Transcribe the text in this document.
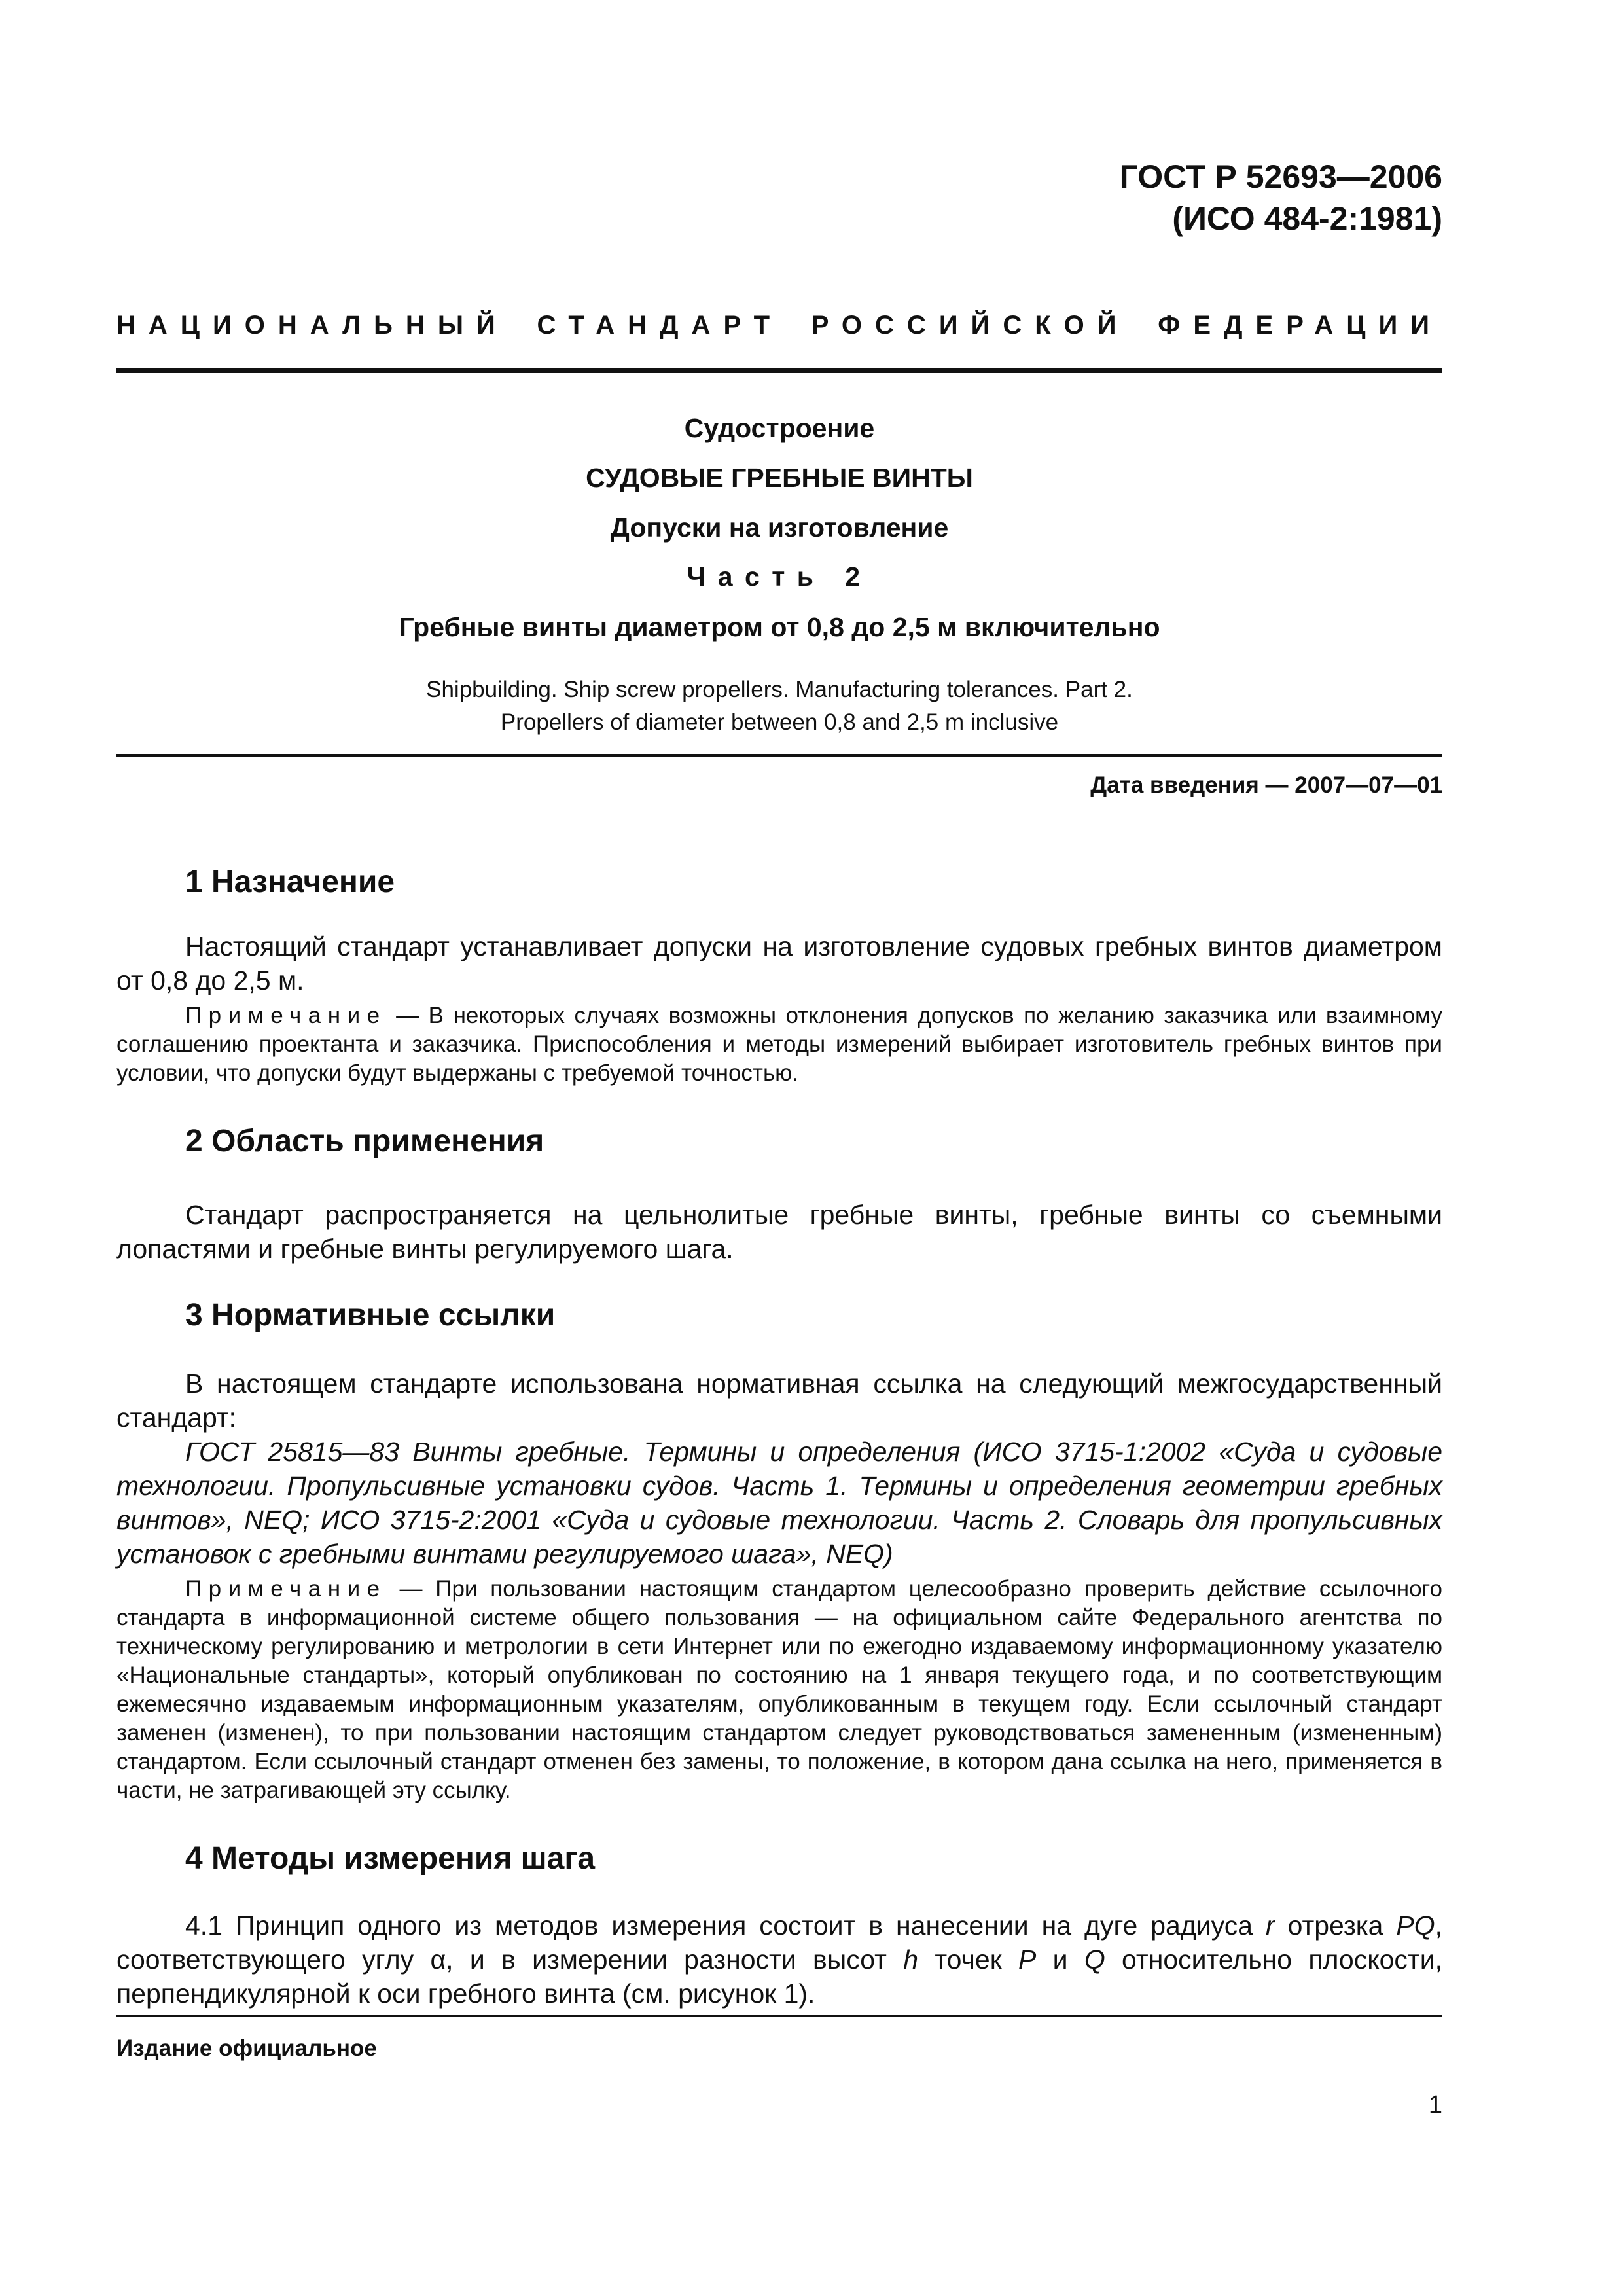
ГОСТ Р 52693—2006
(ИСО 484-2:1981)
НАЦИОНАЛЬНЫЙ СТАНДАРТ РОССИЙСКОЙ ФЕДЕРАЦИИ
Судостроение
СУДОВЫЕ ГРЕБНЫЕ ВИНТЫ
Допуски на изготовление
Часть 2
Гребные винты диаметром от 0,8 до 2,5 м включительно
Shipbuilding. Ship screw propellers. Manufacturing tolerances. Part 2.
Propellers of diameter between 0,8 and 2,5 m inclusive
Дата введения — 2007—07—01
1 Назначение
Настоящий стандарт устанавливает допуски на изготовление судовых гребных винтов диаметром от 0,8 до 2,5 м.
Примечание — В некоторых случаях возможны отклонения допусков по желанию заказчика или взаимному соглашению проектанта и заказчика. Приспособления и методы измерений выбирает изготовитель гребных винтов при условии, что допуски будут выдержаны с требуемой точностью.
2 Область применения
Стандарт распространяется на цельнолитые гребные винты, гребные винты со съемными лопастями и гребные винты регулируемого шага.
3 Нормативные ссылки
В настоящем стандарте использована нормативная ссылка на следующий межгосударственный стандарт:
ГОСТ 25815—83 Винты гребные. Термины и определения (ИСО 3715-1:2002 «Суда и судовые технологии. Пропульсивные установки судов. Часть 1. Термины и определения геометрии гребных винтов», NEQ; ИСО 3715-2:2001 «Суда и судовые технологии. Часть 2. Словарь для пропульсивных установок с гребными винтами регулируемого шага», NEQ)
Примечание — При пользовании настоящим стандартом целесообразно проверить действие ссылочного стандарта в информационной системе общего пользования — на официальном сайте Федерального агентства по техническому регулированию и метрологии в сети Интернет или по ежегодно издаваемому информационному указателю «Национальные стандарты», который опубликован по состоянию на 1 января текущего года, и по соответствующим ежемесячно издаваемым информационным указателям, опубликованным в текущем году. Если ссылочный стандарт заменен (изменен), то при пользовании настоящим стандартом следует руководствоваться замененным (измененным) стандартом. Если ссылочный стандарт отменен без замены, то положение, в котором дана ссылка на него, применяется в части, не затрагивающей эту ссылку.
4 Методы измерения шага
4.1 Принцип одного из методов измерения состоит в нанесении на дуге радиуса r отрезка PQ, соответствующего углу α, и в измерении разности высот h точек P и Q относительно плоскости, перпендикулярной к оси гребного винта (см. рисунок 1).
Издание официальное
1
